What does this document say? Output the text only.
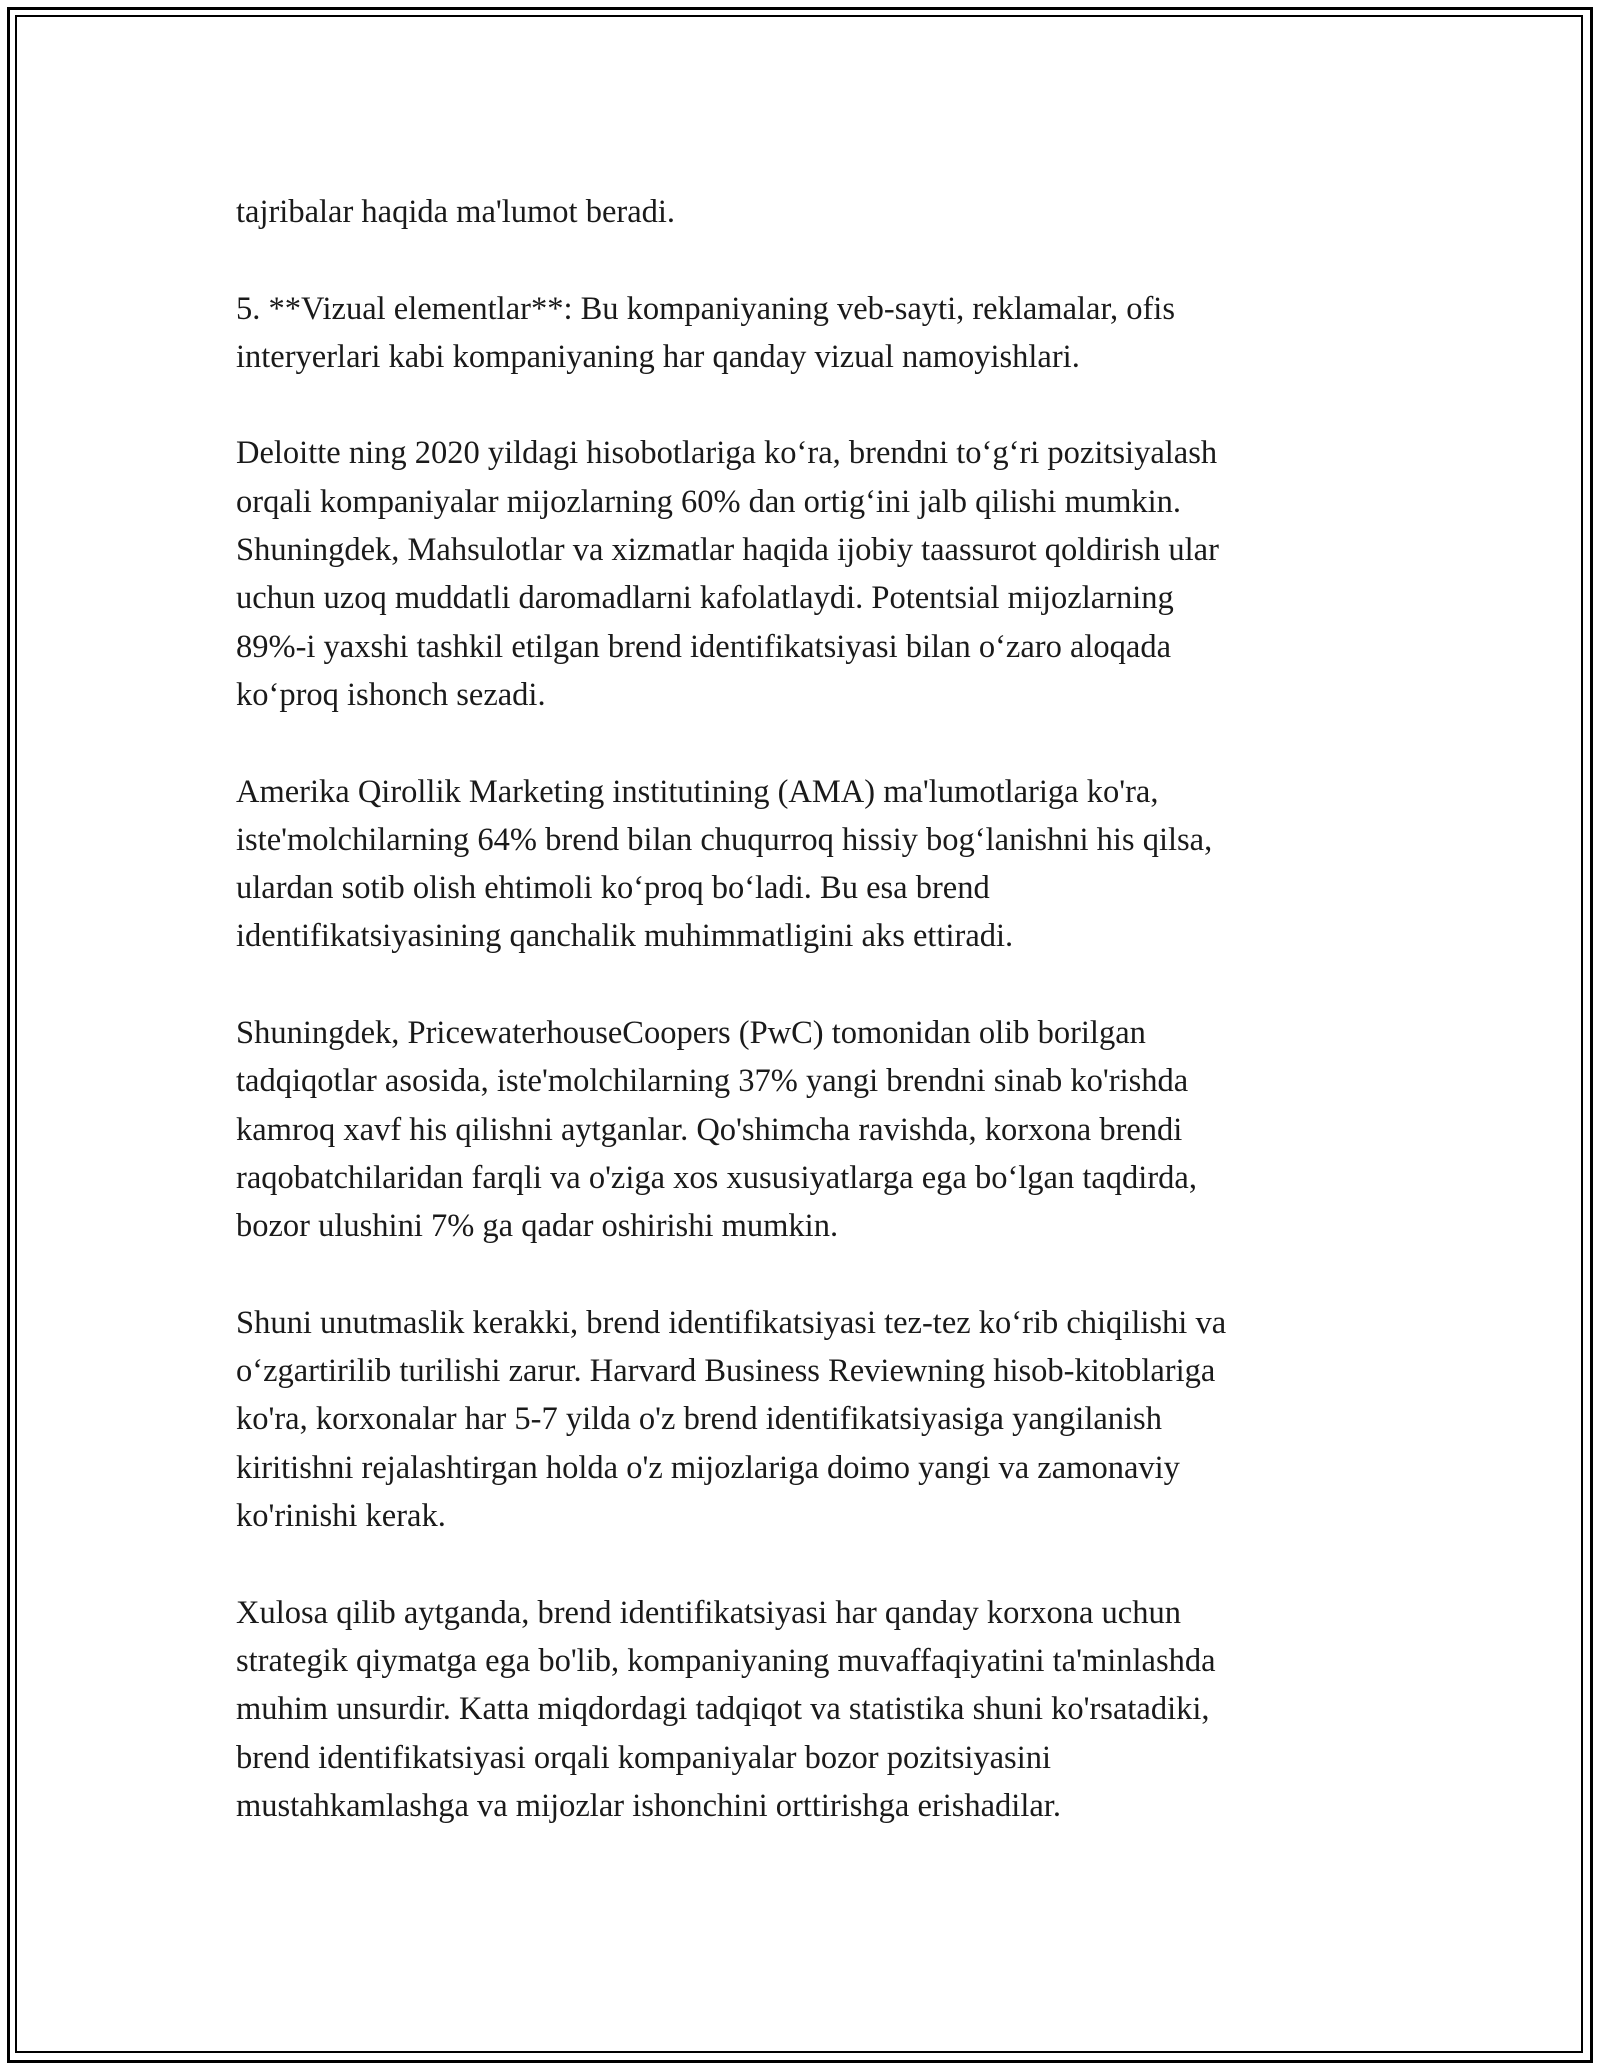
tajribalar haqida ma'lumot beradi.

5. **Vizual elementlar**: Bu kompaniyaning veb-sayti, reklamalar, ofis
interyerlari kabi kompaniyaning har qanday vizual namoyishlari.

Deloitte ning 2020 yildagi hisobotlariga koʻra, brendni toʻgʻri pozitsiyalash
orqali kompaniyalar mijozlarning 60% dan ortigʻini jalb qilishi mumkin.
Shuningdek, Mahsulotlar va xizmatlar haqida ijobiy taassurot qoldirish ular
uchun uzoq muddatli daromadlarni kafolatlaydi. Potentsial mijozlarning
89%-i yaxshi tashkil etilgan brend identifikatsiyasi bilan oʻzaro aloqada
koʻproq ishonch sezadi.

Amerika Qirollik Marketing institutining (AMA) ma'lumotlariga ko'ra,
iste'molchilarning 64% brend bilan chuqurroq hissiy bogʻlanishni his qilsa,
ulardan sotib olish ehtimoli koʻproq boʻladi. Bu esa brend
identifikatsiyasining qanchalik muhimmatligini aks ettiradi.

Shuningdek, PricewaterhouseCoopers (PwC) tomonidan olib borilgan
tadqiqotlar asosida, iste'molchilarning 37% yangi brendni sinab ko'rishda
kamroq xavf his qilishni aytganlar. Qo'shimcha ravishda, korxona brendi
raqobatchilaridan farqli va o'ziga xos xususiyatlarga ega boʻlgan taqdirda,
bozor ulushini 7% ga qadar oshirishi mumkin.

Shuni unutmaslik kerakki, brend identifikatsiyasi tez-tez koʻrib chiqilishi va
oʻzgartirilib turilishi zarur. Harvard Business Reviewning hisob-kitoblariga
ko'ra, korxonalar har 5-7 yilda o'z brend identifikatsiyasiga yangilanish
kiritishni rejalashtirgan holda o'z mijozlariga doimo yangi va zamonaviy
ko'rinishi kerak.

Xulosa qilib aytganda, brend identifikatsiyasi har qanday korxona uchun
strategik qiymatga ega bo'lib, kompaniyaning muvaffaqiyatini ta'minlashda
muhim unsurdir. Katta miqdordagi tadqiqot va statistika shuni ko'rsatadiki,
brend identifikatsiyasi orqali kompaniyalar bozor pozitsiyasini
mustahkamlashga va mijozlar ishonchini orttirishga erishadilar.
